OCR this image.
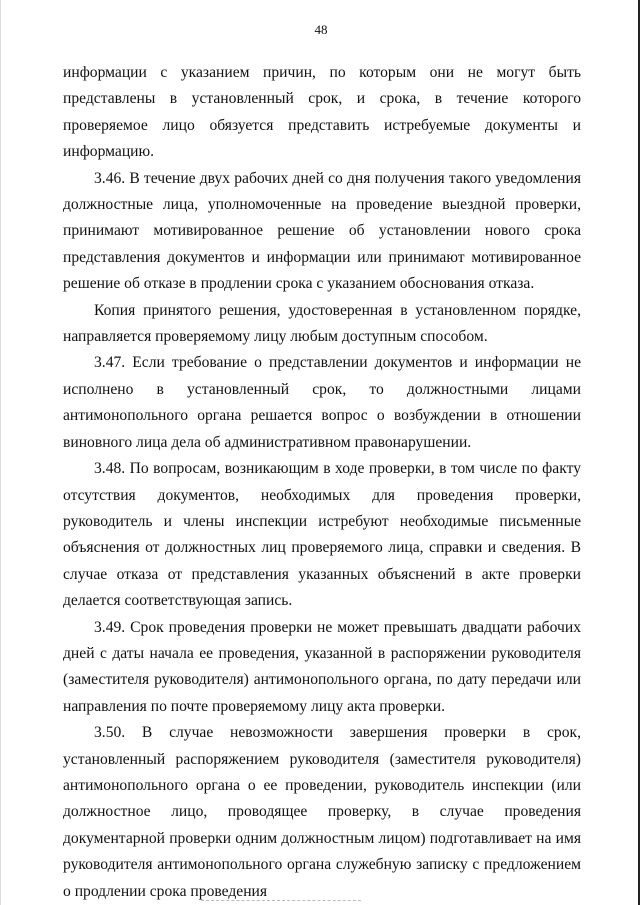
48

информации с указанием причин, по которым они не могут быть представлены в установленный срок, и срока, в течение которого проверяемое лицо обязуется представить истребуемые документы и информацию.

3.46. В течение двух рабочих дней со дня получения такого уведомления должностные лица, уполномоченные на проведение выездной проверки, принимают мотивированное решение об установлении нового срока представления документов и информации или принимают мотивированное решение об отказе в продлении срока с указанием обоснования отказа.

Копия принятого решения, удостоверенная в установленном порядке, направляется проверяемому лицу любым доступным способом.

3.47. Если требование о представлении документов и информации не исполнено в установленный срок, то должностными лицами антимонопольного органа решается вопрос о возбуждении в отношении виновного лица дела об административном правонарушении.

3.48. По вопросам, возникающим в ходе проверки, в том числе по факту отсутствия документов, необходимых для проведения проверки, руководитель и члены инспекции истребуют необходимые письменные объяснения от должностных лиц проверяемого лица, справки и сведения. В случае отказа от представления указанных объяснений в акте проверки делается соответствующая запись.

3.49. Срок проведения проверки не может превышать двадцати рабочих дней с даты начала ее проведения, указанной в распоряжении руководителя (заместителя руководителя) антимонопольного органа, по дату передачи или направления по почте проверяемому лицу акта проверки.

3.50. В случае невозможности завершения проверки в срок, установленный распоряжением руководителя (заместителя руководителя) антимонопольного органа о ее проведении, руководитель инспекции (или должностное лицо, проводящее проверку, в случае проведения документарной проверки одним должностным лицом) подготавливает на имя руководителя антимонопольного органа служебную записку с предложением о продлении срока проведения
